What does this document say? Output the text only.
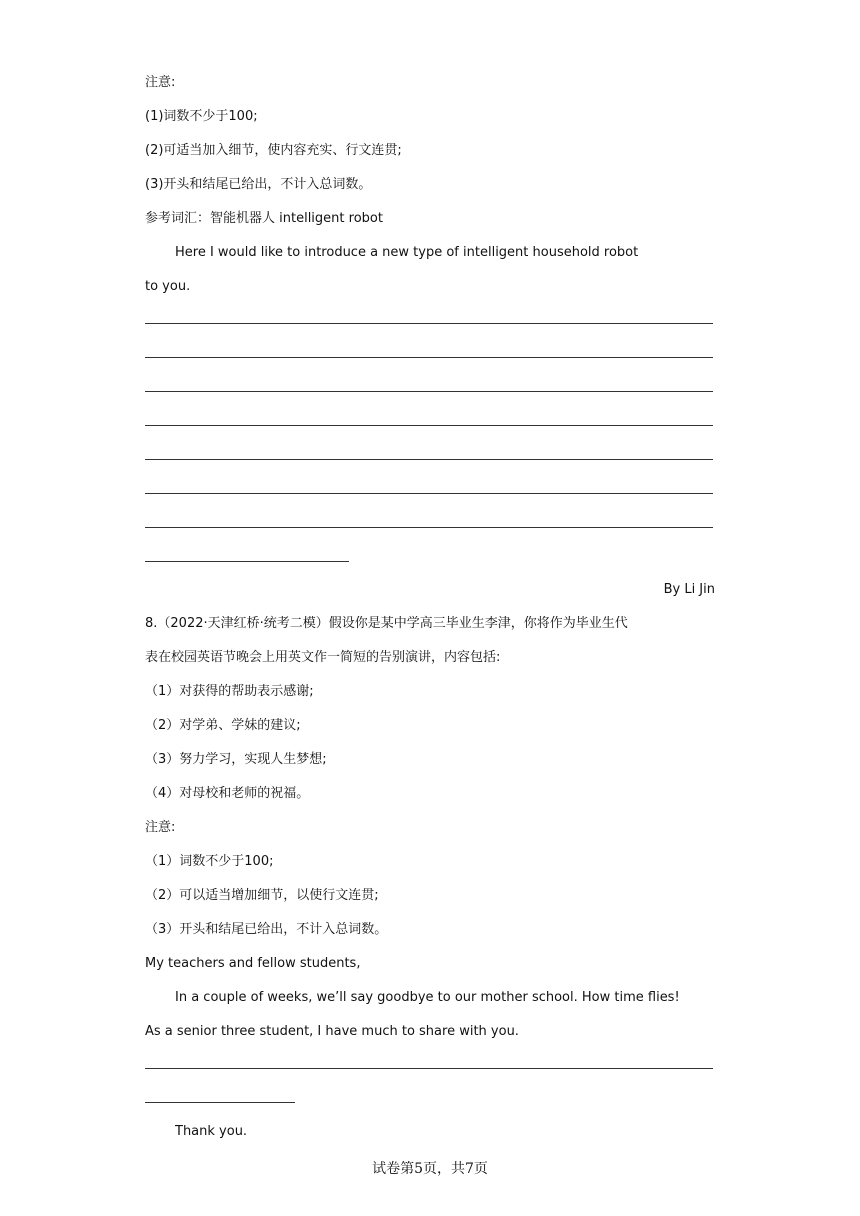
注意:
(1)词数不少于100;
(2)可适当加入细节，使内容充实、行文连贯;
(3)开头和结尾已给出，不计入总词数。
参考词汇：智能机器人 intelligent robot
Here I would like to introduce a new type of intelligent household robot
to you.
By Li Jin
8.（2022·天津红桥·统考二模）假设你是某中学高三毕业生李津，你将作为毕业生代
表在校园英语节晚会上用英文作一简短的告别演讲，内容包括:
（1）对获得的帮助表示感谢;
（2）对学弟、学妹的建议;
（3）努力学习，实现人生梦想;
（4）对母校和老师的祝福。
注意:
（1）词数不少于100;
（2）可以适当增加细节，以使行文连贯;
（3）开头和结尾已给出，不计入总词数。
My teachers and fellow students,
In a couple of weeks, we’ll say goodbye to our mother school. How time flies!
As a senior three student, I have much to share with you.
Thank you.
试卷第5页，共7页
